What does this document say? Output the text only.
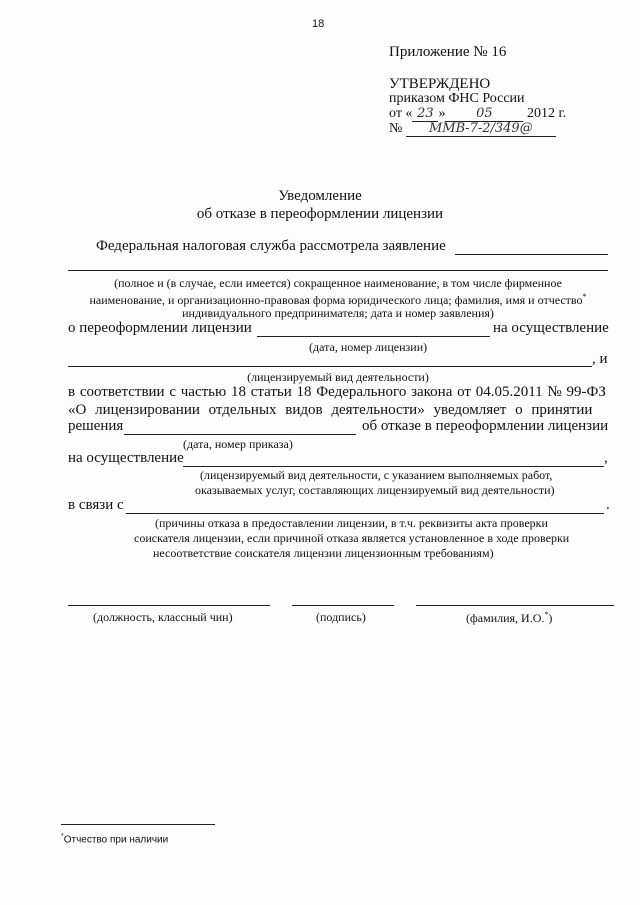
18
Приложение № 16
УТВЕРЖДЕНО
приказом ФНС России
от « 23 » 05 2012 г.
№ ММВ-7-2/349@
Уведомление
об отказе в переоформлении лицензии
Федеральная налоговая служба рассмотрела заявление
(полное и (в случае, если имеется) сокращенное наименование, в том числе фирменное
наименование, и организационно-правовая форма юридического лица; фамилия, имя и отчество*
индивидуального предпринимателя; дата и номер заявления)
о переоформлении лицензии	на осуществление
(дата, номер лицензии)
, и
(лицензируемый вид деятельности)
в соответствии с частью 18 статьи 18 Федерального закона от 04.05.2011 № 99-ФЗ
«О лицензировании отдельных видов деятельности» уведомляет о принятии
решения	об отказе в переоформлении лицензии
(дата, номер приказа)
на осуществление	,
(лицензируемый вид деятельности, с указанием выполняемых работ,
оказываемых услуг, составляющих лицензируемый вид деятельности)
в связи с	.
(причины отказа в предоставлении лицензии, в т.ч. реквизиты акта проверки
соискателя лицензии, если причиной отказа является установленное в ходе проверки
несоответствие соискателя лицензии лицензионным требованиям)
(должность, классный чин)	(подпись)	(фамилия, И.О.*)
*Отчество при наличии
